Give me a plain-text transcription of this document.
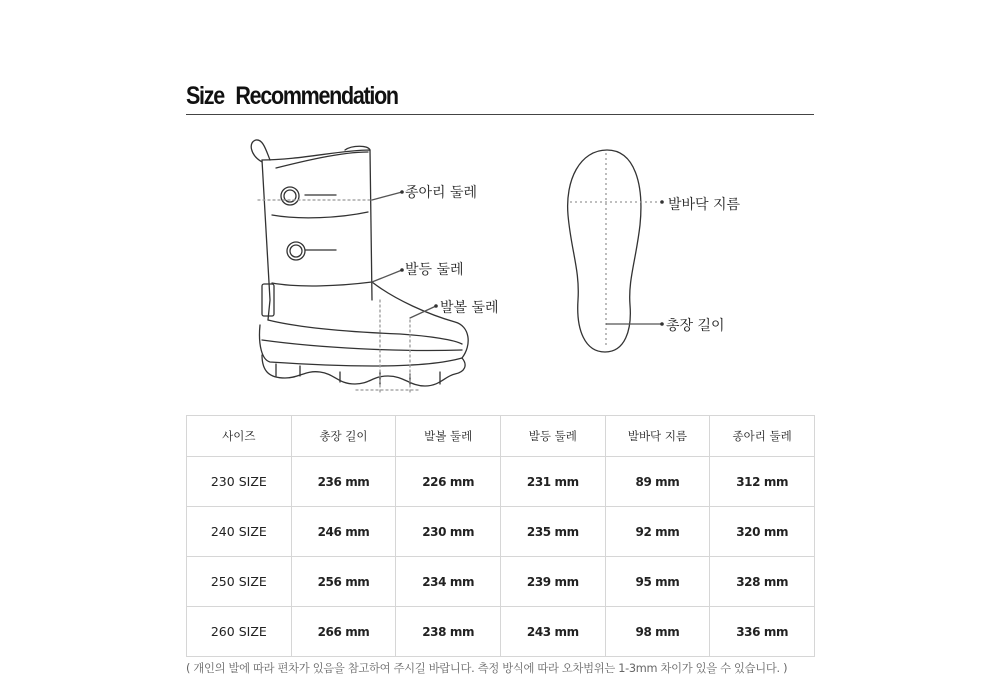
Size Recommendation
종아리 둘레
발등 둘레
발볼 둘레
발바닥 지름
총장 길이
사이즈	총장 길이	발볼 둘레	발등 둘레	발바닥 지름	종아리 둘레
230 SIZE	236 mm	226 mm	231 mm	89 mm	312 mm
240 SIZE	246 mm	230 mm	235 mm	92 mm	320 mm
250 SIZE	256 mm	234 mm	239 mm	95 mm	328 mm
260 SIZE	266 mm	238 mm	243 mm	98 mm	336 mm
( 개인의 발에 따라 편차가 있음을 참고하여 주시길 바랍니다. 측정 방식에 따라 오차범위는 1-3mm 차이가 있을 수 있습니다. )
